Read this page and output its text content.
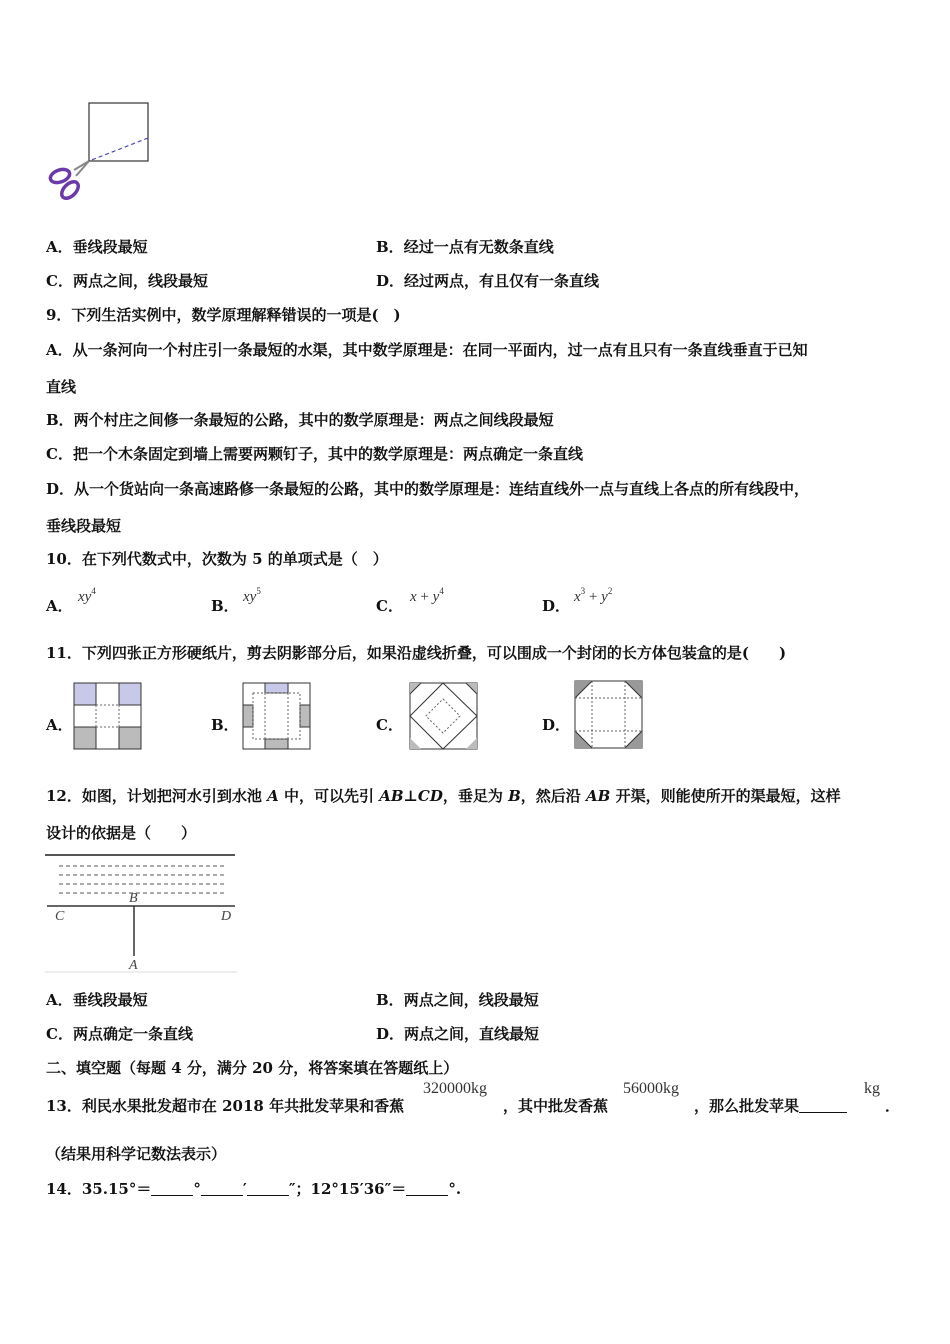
A．垂线段最短	B．经过一点有无数条直线
C．两点之间，线段最短	D．经过两点，有且仅有一条直线
9．下列生活实例中，数学原理解释错误的一项是(　)
A．从一条河向一个村庄引一条最短的水渠，其中数学原理是：在同一平面内，过一点有且只有一条直线垂直于已知
直线
B．两个村庄之间修一条最短的公路，其中的数学原理是：两点之间线段最短
C．把一个木条固定到墙上需要两颗钉子，其中的数学原理是：两点确定一条直线
D．从一个货站向一条高速路修一条最短的公路，其中的数学原理是：连结直线外一点与直线上各点的所有线段中，
垂线段最短
10．在下列代数式中，次数为 5 的单项式是（　）
A． $xy^4$
B． $xy^5$
C． $x + y^4$
D． $x^3 + y^2$
11．下列四张正方形硬纸片，剪去阴影部分后，如果沿虚线折叠，可以围成一个封闭的长方体包装盒的是(　　)
A．	B．	C．	D．
12．如图，计划把河水引到水池 A 中，可以先引 AB⊥CD，垂足为 B，然后沿 AB 开渠，则能使所开的渠最短，这样
设计的依据是（　　）
B
C	D
A
A．垂线段最短	B．两点之间，线段最短
C．两点确定一条直线	D．两点之间，直线最短
二、填空题（每题 4 分，满分 20 分，将答案填在答题纸上）
13．利民水果批发超市在 2018 年共批发苹果和香蕉
320000kg
，其中批发香蕉
56000kg
，那么批发苹果
kg
．
（结果用科学记数法表示）
14．35.15°＝	°	′	″；12°15′36″＝	°.
